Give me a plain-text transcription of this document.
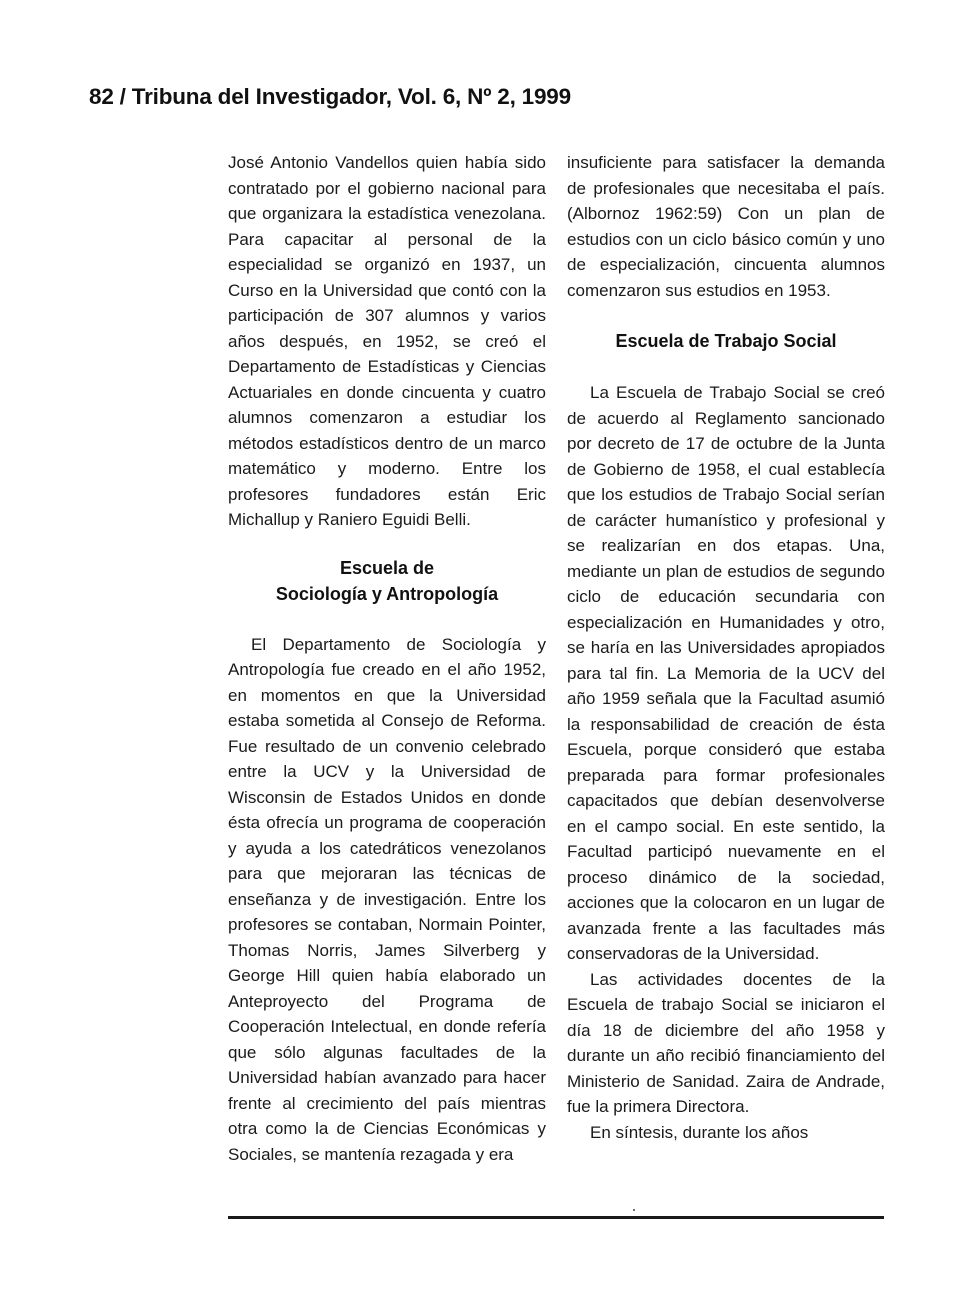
82 / Tribuna del Investigador, Vol. 6, Nº 2, 1999

José Antonio Vandellos quien había sido contratado por el gobierno nacional para que organizara la estadística venezolana. Para capacitar al personal de la especialidad se organizó en 1937, un Curso en la Universidad que contó con la participación de 307 alumnos y varios años después, en 1952, se creó el Departamento de Estadísticas y Ciencias Actuariales en donde cincuenta y cuatro alumnos comenzaron a estudiar los métodos estadísticos dentro de un marco matemático y moderno. Entre los profesores fundadores están Eric Michallup y Raniero Eguidi Belli.

Escuela de
Sociología y Antropología

El Departamento de Sociología y Antropología fue creado en el año 1952, en momentos en que la Universidad estaba sometida al Consejo de Reforma. Fue resultado de un convenio celebrado entre la UCV y la Universidad de Wisconsin de Estados Unidos en donde ésta ofrecía un programa de cooperación y ayuda a los catedráticos venezolanos para que mejoraran las técnicas de enseñanza y de investigación. Entre los profesores se contaban, Normain Pointer, Thomas Norris, James Silverberg y George Hill quien había elaborado un Anteproyecto del Programa de Cooperación Intelectual, en donde refería que sólo algunas facultades de la Universidad habían avanzado para hacer frente al crecimiento del país mientras otra como la de Ciencias Económicas y Sociales, se mantenía rezagada y era

insuficiente para satisfacer la demanda de profesionales que necesitaba el país. (Albornoz 1962:59) Con un plan de estudios con un ciclo básico común y uno de especialización, cincuenta alumnos comenzaron sus estudios en 1953.

Escuela de Trabajo Social

La Escuela de Trabajo Social se creó de acuerdo al Reglamento sancionado por decreto de 17 de octubre de la Junta de Gobierno de 1958, el cual establecía que los estudios de Trabajo Social serían de carácter humanístico y profesional y se realizarían en dos etapas. Una, mediante un plan de estudios de segundo ciclo de educación secundaria con especialización en Humanidades y otro, se haría en las Universidades apropiados para tal fin. La Memoria de la UCV del año 1959 señala que la Facultad asumió la responsabilidad de creación de ésta Escuela, porque consideró que estaba preparada para formar profesionales capacitados que debían desenvolverse en el campo social. En este sentido, la Facultad participó nuevamente en el proceso dinámico de la sociedad, acciones que la colocaron en un lugar de avanzada frente a las facultades más conservadoras de la Universidad.

Las actividades docentes de la Escuela de trabajo Social se iniciaron el día 18 de diciembre del año 1958 y durante un año recibió financiamiento del Ministerio de Sanidad. Zaira de Andrade, fue la primera Directora.

En síntesis, durante los años
